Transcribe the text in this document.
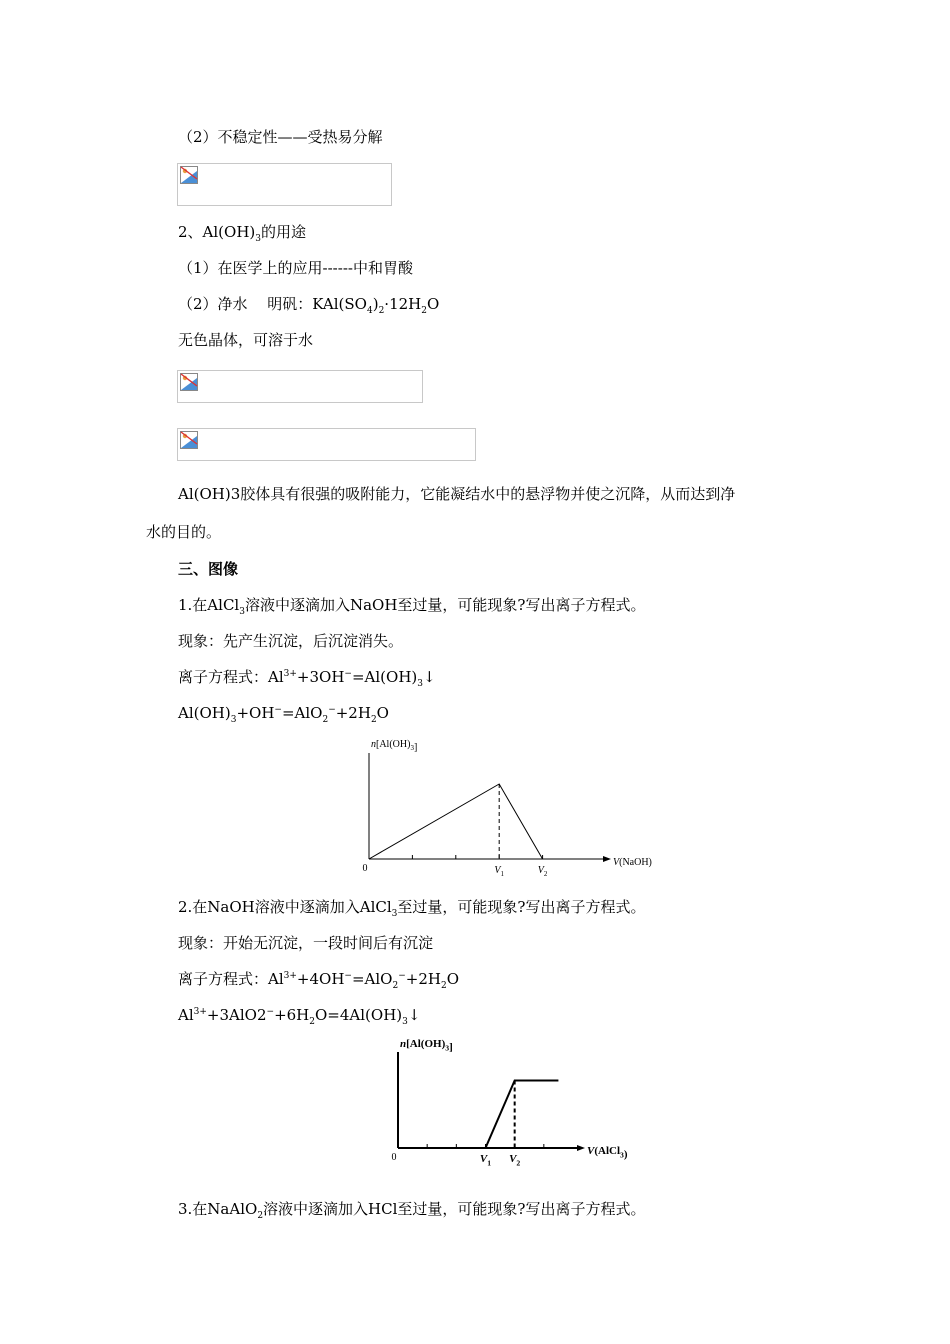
（2）不稳定性——受热易分解
2、$Al(OH)_3$的用途
（1）在医学上的应用------中和胃酸
（2）净水　 明矾：$KAl(SO_4)_2\cdot 12H_2O$
无色晶体，可溶于水
Al(OH)3胶体具有很强的吸附能力，它能凝结水中的悬浮物并使之沉降，从而达到净
水的目的。
三、图像
1.在AlCl$_3$溶液中逐滴加入NaOH至过量，可能现象?写出离子方程式。
现象：先产生沉淀，后沉淀消失。
离子方程式：$Al^{3+}+3OH^-=Al(OH)_3↓$
$Al(OH)_3+OH^-=AlO_2^-+2H_2O$
0	$V_1$	$V_2$
V(NaOH)
$n[Al(OH)_3]$
2.在NaOH溶液中逐滴加入AlCl$_3$至过量，可能现象?写出离子方程式。
现象：开始无沉淀，一段时间后有沉淀
离子方程式：$Al^{3+}+4OH^-=AlO_2^-+2H_2O$
$Al^{3+}+3AlO2^-+6H_2O=4Al(OH)_3↓$
0	$V_1$ $V_2$
V(AlCl$_3$)
$n[Al(OH)_3]$
3.在NaAlO$_2$溶液中逐滴加入HCl至过量，可能现象?写出离子方程式。
